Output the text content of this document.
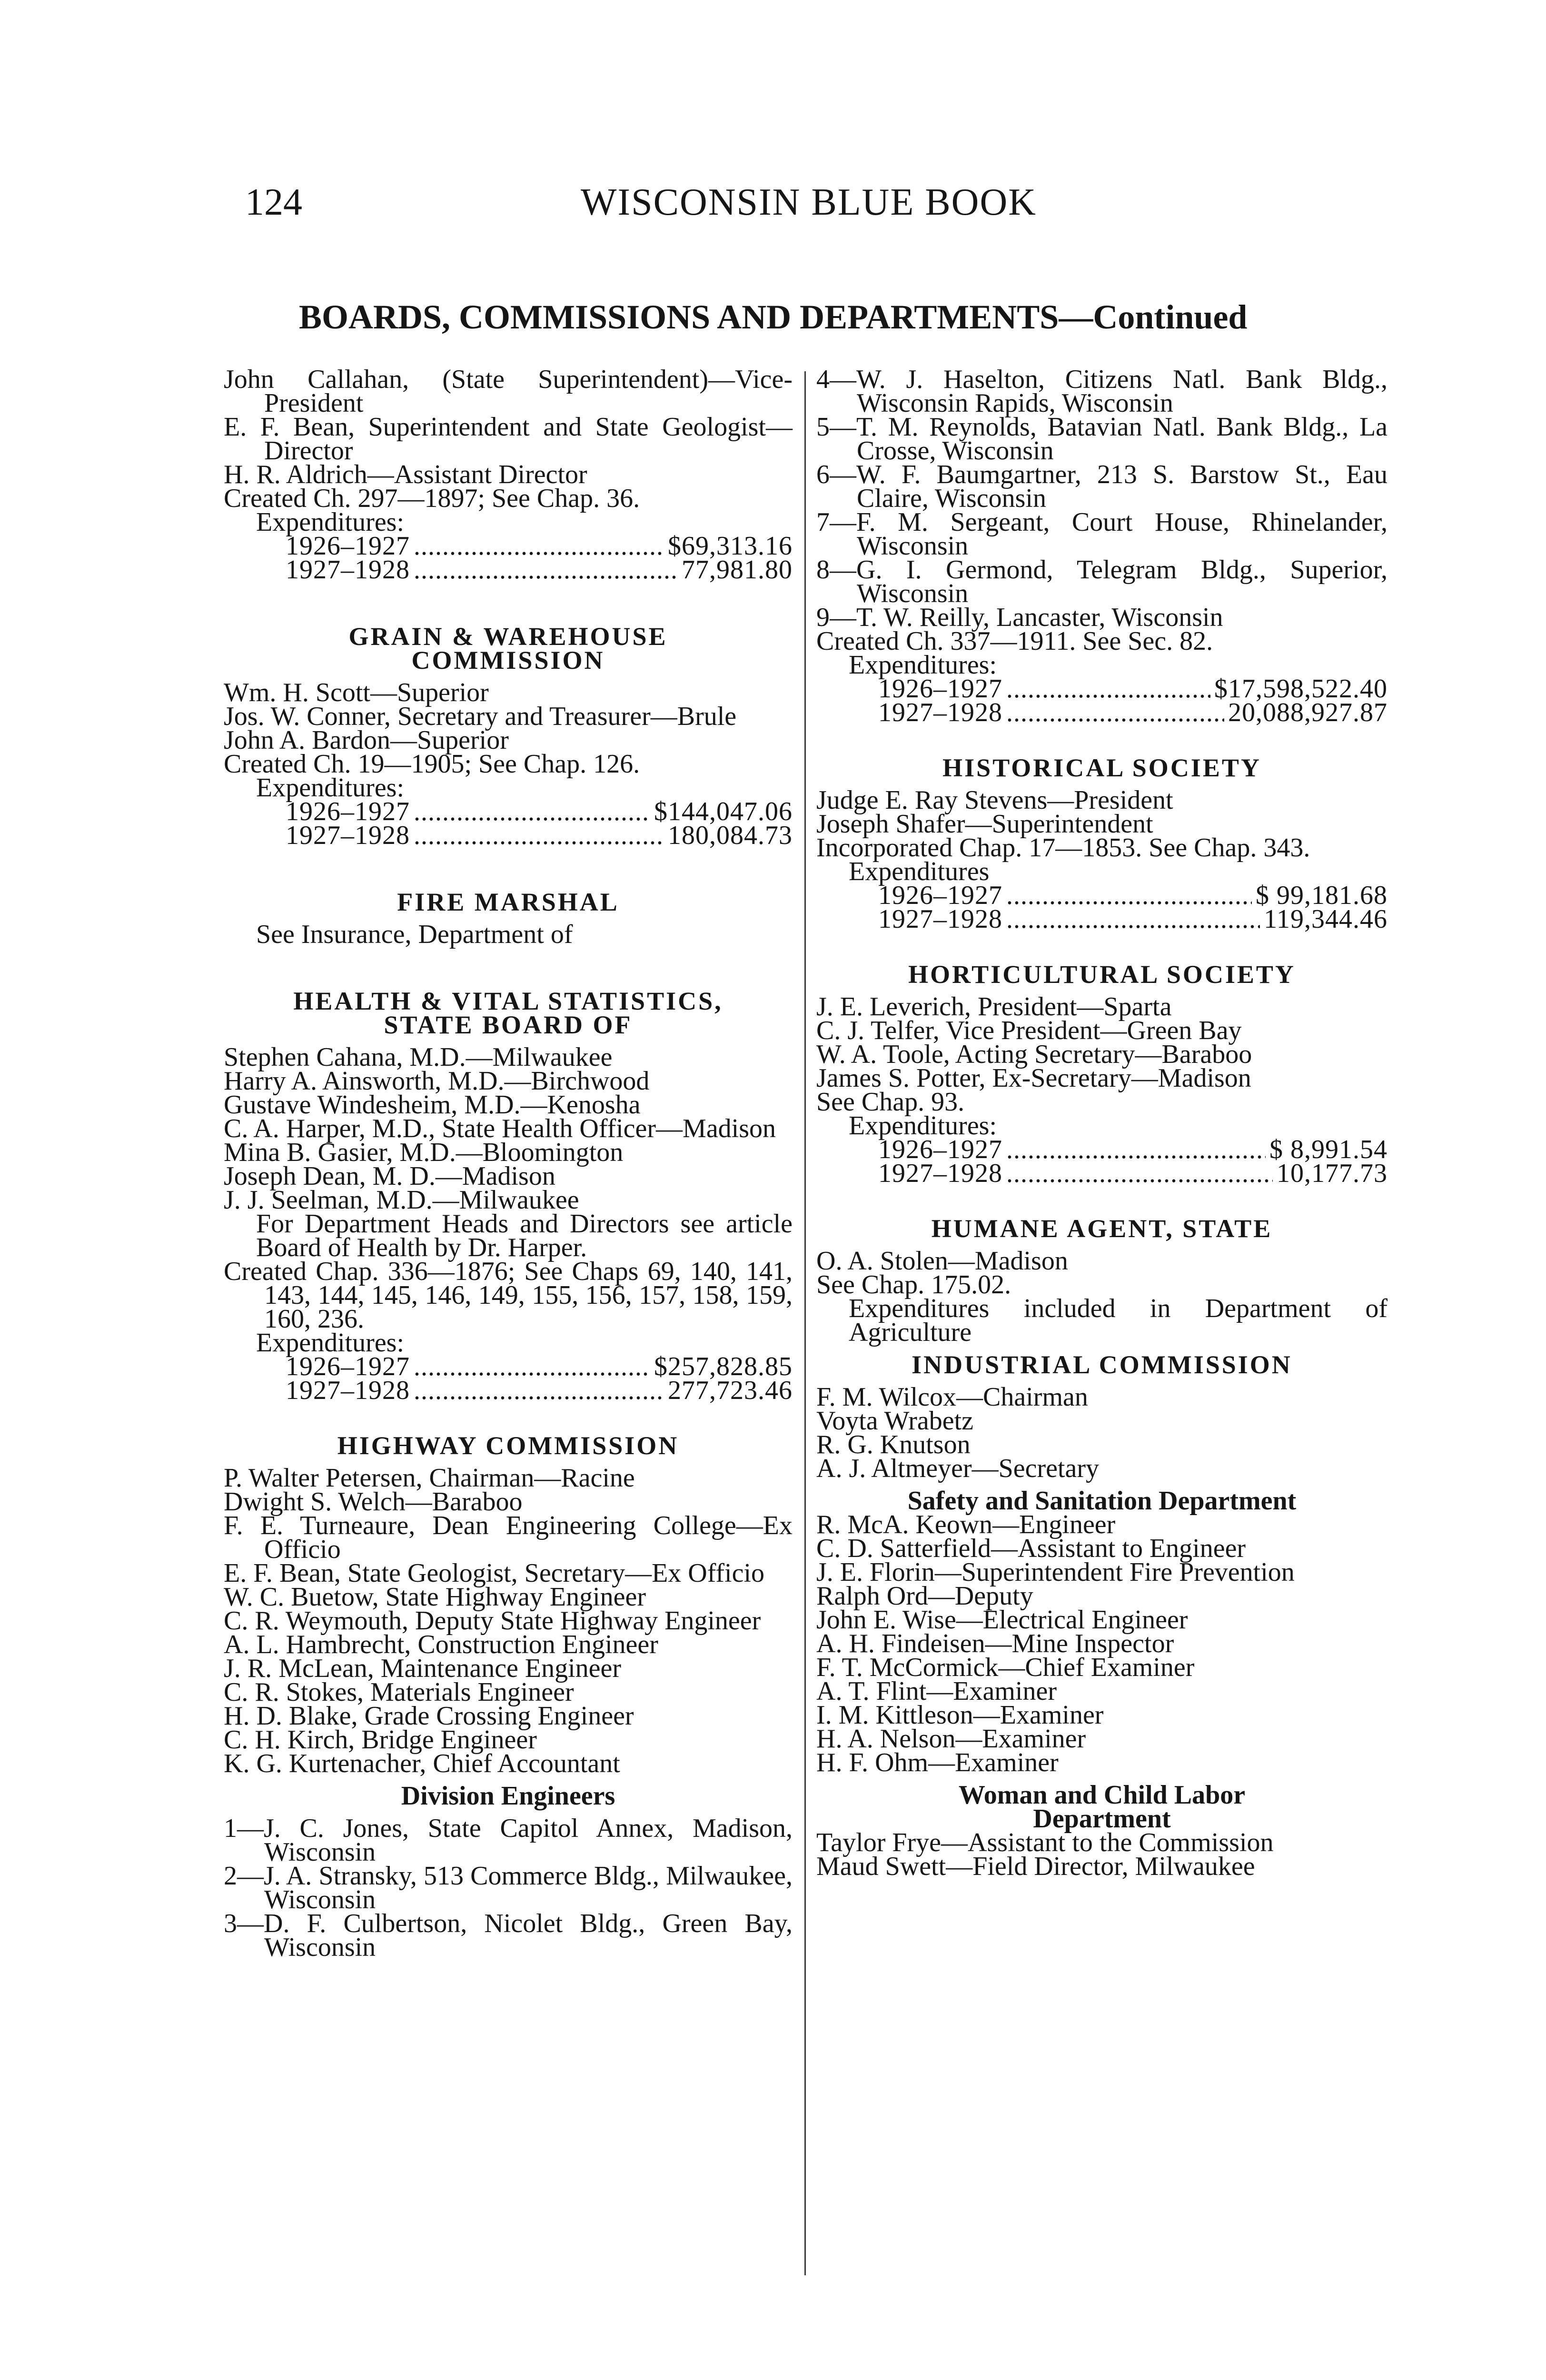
124	WISCONSIN BLUE BOOK
BOARDS, COMMISSIONS AND DEPARTMENTS—Continued
John Callahan, (State Superintendent)—Vice-President
E. F. Bean, Superintendent and State Geologist—Director
H. R. Aldrich—Assistant Director
Created Ch. 297—1897; See Chap. 36.
Expenditures:
1926–1927 .....	$69,313.16
1927–1928 .....	77,981.80
GRAIN & WAREHOUSE
COMMISSION
Wm. H. Scott—Superior
Jos. W. Conner, Secretary and Treasurer—Brule
John A. Bardon—Superior
Created Ch. 19—1905; See Chap. 126.
Expenditures:
1926–1927 .....	$144,047.06
1927–1928 .....	180,084.73
FIRE MARSHAL
See Insurance, Department of
HEALTH & VITAL STATISTICS,
STATE BOARD OF
Stephen Cahana, M.D.—Milwaukee
Harry A. Ainsworth, M.D.—Birchwood
Gustave Windesheim, M.D.—Kenosha
C. A. Harper, M.D., State Health Officer—Madison
Mina B. Gasier, M.D.—Bloomington
Joseph Dean, M. D.—Madison
J. J. Seelman, M.D.—Milwaukee
For Department Heads and Directors see article Board of Health by Dr. Harper.
Created Chap. 336—1876; See Chaps 69, 140, 141, 143, 144, 145, 146, 149, 155, 156, 157, 158, 159, 160, 236.
Expenditures:
1926–1927 .....	$257,828.85
1927–1928 .....	277,723.46
HIGHWAY COMMISSION
P. Walter Petersen, Chairman—Racine
Dwight S. Welch—Baraboo
F. E. Turneaure, Dean Engineering College—Ex Officio
E. F. Bean, State Geologist, Secretary—Ex Officio
W. C. Buetow, State Highway Engineer
C. R. Weymouth, Deputy State Highway Engineer
A. L. Hambrecht, Construction Engineer
J. R. McLean, Maintenance Engineer
C. R. Stokes, Materials Engineer
H. D. Blake, Grade Crossing Engineer
C. H. Kirch, Bridge Engineer
K. G. Kurtenacher, Chief Accountant
Division Engineers
1—J. C. Jones, State Capitol Annex, Madison, Wisconsin
2—J. A. Stransky, 513 Commerce Bldg., Milwaukee, Wisconsin
3—D. F. Culbertson, Nicolet Bldg., Green Bay, Wisconsin
4—W. J. Haselton, Citizens Natl. Bank Bldg., Wisconsin Rapids, Wisconsin
5—T. M. Reynolds, Batavian Natl. Bank Bldg., La Crosse, Wisconsin
6—W. F. Baumgartner, 213 S. Barstow St., Eau Claire, Wisconsin
7—F. M. Sergeant, Court House, Rhinelander, Wisconsin
8—G. I. Germond, Telegram Bldg., Superior, Wisconsin
9—T. W. Reilly, Lancaster, Wisconsin
Created Ch. 337—1911. See Sec. 82.
Expenditures:
1926–1927 .....	$17,598,522.40
1927–1928 .....	20,088,927.87
HISTORICAL SOCIETY
Judge E. Ray Stevens—President
Joseph Shafer—Superintendent
Incorporated Chap. 17—1853. See Chap. 343.
Expenditures
1926–1927 .....	$ 99,181.68
1927–1928 .....	119,344.46
HORTICULTURAL SOCIETY
J. E. Leverich, President—Sparta
C. J. Telfer, Vice President—Green Bay
W. A. Toole, Acting Secretary—Baraboo
James S. Potter, Ex-Secretary—Madison
See Chap. 93.
Expenditures:
1926–1927 .....	$ 8,991.54
1927–1928 .....	10,177.73
HUMANE AGENT, STATE
O. A. Stolen—Madison
See Chap. 175.02.
Expenditures included in Department of Agriculture
INDUSTRIAL COMMISSION
F. M. Wilcox—Chairman
Voyta Wrabetz
R. G. Knutson
A. J. Altmeyer—Secretary
Safety and Sanitation Department
R. McA. Keown—Engineer
C. D. Satterfield—Assistant to Engineer
J. E. Florin—Superintendent Fire Prevention
Ralph Ord—Deputy
John E. Wise—Electrical Engineer
A. H. Findeisen—Mine Inspector
F. T. McCormick—Chief Examiner
A. T. Flint—Examiner
I. M. Kittleson—Examiner
H. A. Nelson—Examiner
H. F. Ohm—Examiner
Woman and Child Labor
Department
Taylor Frye—Assistant to the Commission
Maud Swett—Field Director, Milwaukee
